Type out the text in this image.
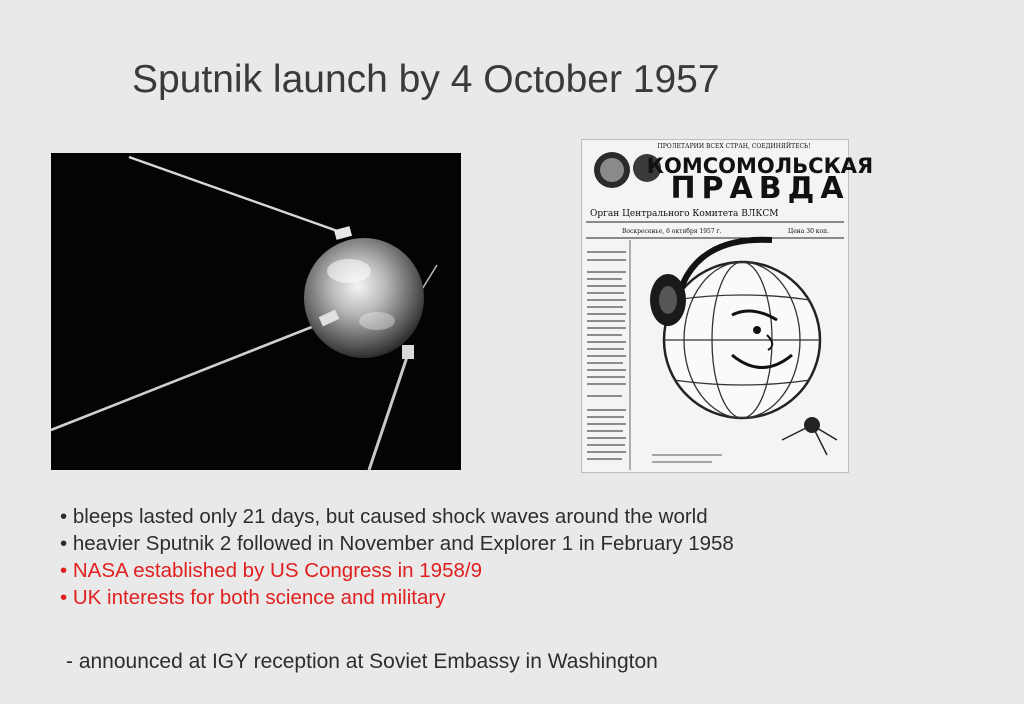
Sputnik launch by 4 October 1957
ПРОЛЕТАРИИ ВСЕХ СТРАН, СОЕДИНЯЙТЕСЬ!
КОМСОМОЛЬСКАЯ
ПРАВДА
Орган Центрального Комитета ВЛКСМ
Воскресенье, 6 октября 1957 г.	Цена 30 коп.
• bleeps lasted only 21 days, but caused shock waves around the world
• heavier Sputnik 2 followed in November and Explorer 1 in February 1958
• NASA established by US Congress in 1958/9
• UK interests for both science and military
- announced at IGY reception at Soviet Embassy in Washington
